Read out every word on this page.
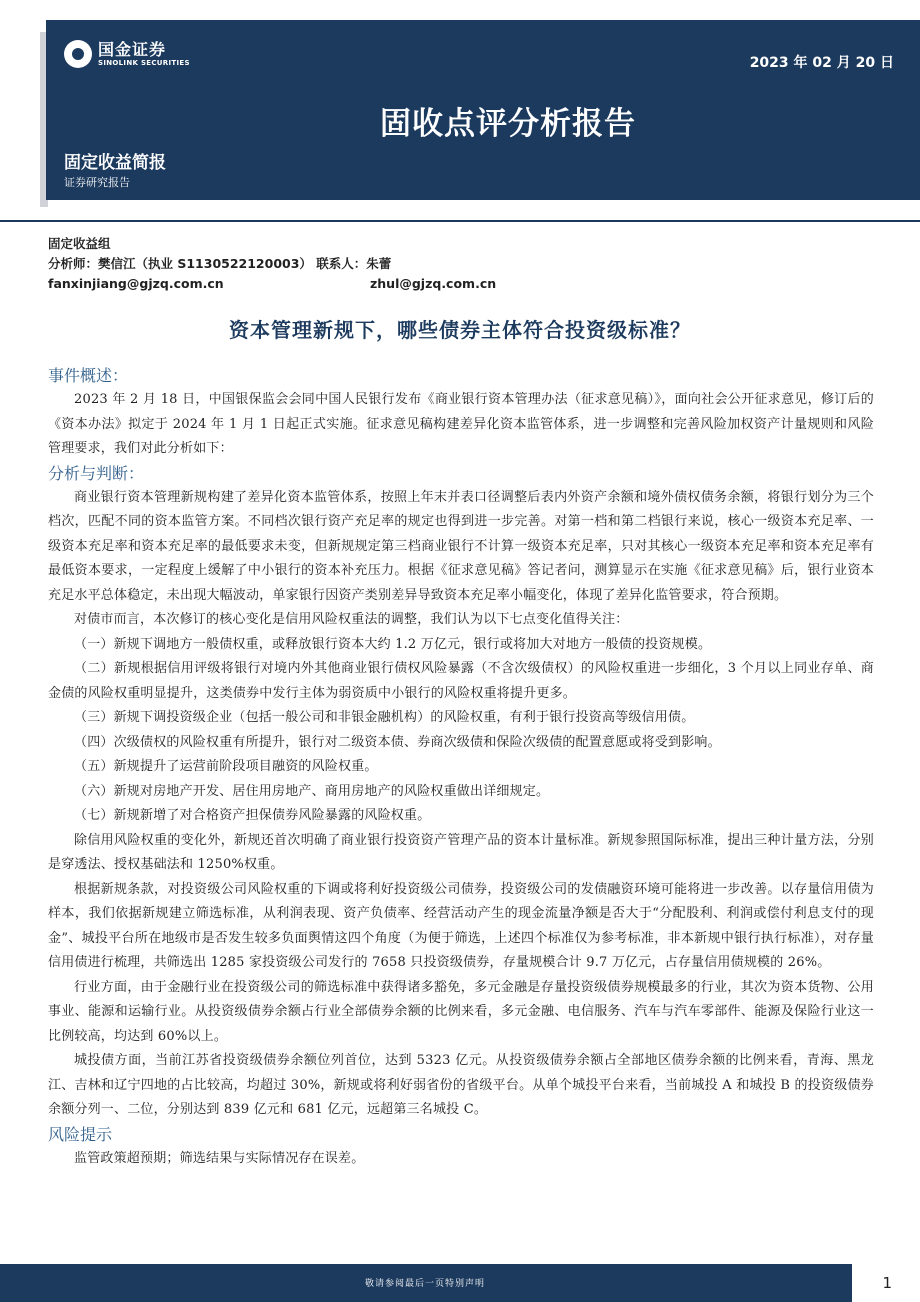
国金证券
SINOLINK SECURITIES	2023 年 02 月 20 日
固收点评分析报告
固定收益简报
证券研究报告
固定收益组
分析师：樊信江（执业 S1130522120003） 联系人：朱蕾
fanxinjiang@gjzq.com.cn	zhul@gjzq.com.cn
资本管理新规下，哪些债券主体符合投资级标准？
事件概述：

2023 年 2 月 18 日，中国银保监会会同中国人民银行发布《商业银行资本管理办法（征求意见稿）》，面向社会公开征求意见，修订后的《资本办法》拟定于 2024 年 1 月 1 日起正式实施。征求意见稿构建差异化资本监管体系，进一步调整和完善风险加权资产计量规则和风险管理要求，我们对此分析如下：

分析与判断：

商业银行资本管理新规构建了差异化资本监管体系，按照上年末并表口径调整后表内外资产余额和境外债权债务余额，将银行划分为三个档次，匹配不同的资本监管方案。不同档次银行资产充足率的规定也得到进一步完善。对第一档和第二档银行来说，核心一级资本充足率、一级资本充足率和资本充足率的最低要求未变，但新规规定第三档商业银行不计算一级资本充足率，只对其核心一级资本充足率和资本充足率有最低资本要求，一定程度上缓解了中小银行的资本补充压力。根据《征求意见稿》答记者问，测算显示在实施《征求意见稿》后，银行业资本充足水平总体稳定，未出现大幅波动，单家银行因资产类别差异导致资本充足率小幅变化，体现了差异化监管要求，符合预期。

对债市而言，本次修订的核心变化是信用风险权重法的调整，我们认为以下七点变化值得关注：

（一）新规下调地方一般债权重，或释放银行资本大约 1.2 万亿元，银行或将加大对地方一般债的投资规模。

（二）新规根据信用评级将银行对境内外其他商业银行债权风险暴露（不含次级债权）的风险权重进一步细化，3 个月以上同业存单、商金债的风险权重明显提升，这类债券中发行主体为弱资质中小银行的风险权重将提升更多。

（三）新规下调投资级企业（包括一般公司和非银金融机构）的风险权重，有利于银行投资高等级信用债。

（四）次级债权的风险权重有所提升，银行对二级资本债、券商次级债和保险次级债的配置意愿或将受到影响。

（五）新规提升了运营前阶段项目融资的风险权重。

（六）新规对房地产开发、居住用房地产、商用房地产的风险权重做出详细规定。

（七）新规新增了对合格资产担保债券风险暴露的风险权重。

除信用风险权重的变化外，新规还首次明确了商业银行投资资产管理产品的资本计量标准。新规参照国际标准，提出三种计量方法，分别是穿透法、授权基础法和 1250%权重。

根据新规条款，对投资级公司风险权重的下调或将利好投资级公司债券，投资级公司的发债融资环境可能将进一步改善。以存量信用债为样本，我们依据新规建立筛选标准，从利润表现、资产负债率、经营活动产生的现金流量净额是否大于“分配股利、利润或偿付利息支付的现金”、城投平台所在地级市是否发生较多负面舆情这四个角度（为便于筛选，上述四个标准仅为参考标准，非本新规中银行执行标准），对存量信用债进行梳理，共筛选出 1285 家投资级公司发行的 7658 只投资级债券，存量规模合计 9.7 万亿元，占存量信用债规模的 26%。

行业方面，由于金融行业在投资级公司的筛选标准中获得诸多豁免，多元金融是存量投资级债券规模最多的行业，其次为资本货物、公用事业、能源和运输行业。从投资级债券余额占行业全部债券余额的比例来看，多元金融、电信服务、汽车与汽车零部件、能源及保险行业这一比例较高，均达到 60%以上。

城投债方面，当前江苏省投资级债券余额位列首位，达到 5323 亿元。从投资级债券余额占全部地区债券余额的比例来看，青海、黑龙江、吉林和辽宁四地的占比较高，均超过 30%，新规或将利好弱省份的省级平台。从单个城投平台来看，当前城投 A 和城投 B 的投资级债券余额分列一、二位，分别达到 839 亿元和 681 亿元，远超第三名城投 C。

风险提示

监管政策超预期；筛选结果与实际情况存在误差。

敬请参阅最后一页特别声明	1
